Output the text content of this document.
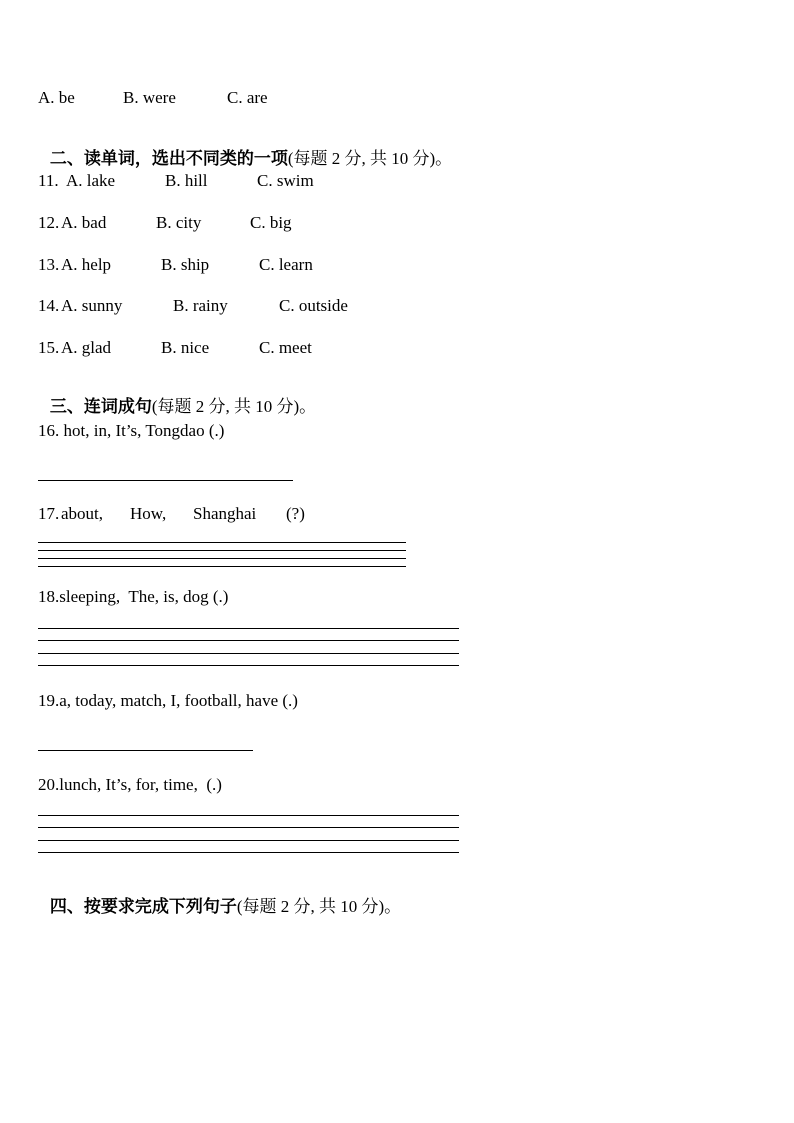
A. be	B. were	C. are

二、读单词，选出不同类的一项(每题 2 分, 共 10 分)。

11. A. lake	B. hill	C. swim
12. A. bad	B. city	C. big
13. A. help	B. ship	C. learn
14. A. sunny	B. rainy	C. outside
15. A. glad	B. nice	C. meet

三、连词成句(每题 2 分, 共 10 分)。

16. hot, in, It’s, Tongdao (.)
17. about, How, Shanghai (?)
18.sleeping,  The, is, dog (.)
19.a, today, match, I, football, have (.)
20.lunch, It’s, for, time,  (.)

四、按要求完成下列句子(每题 2 分, 共 10 分)。
